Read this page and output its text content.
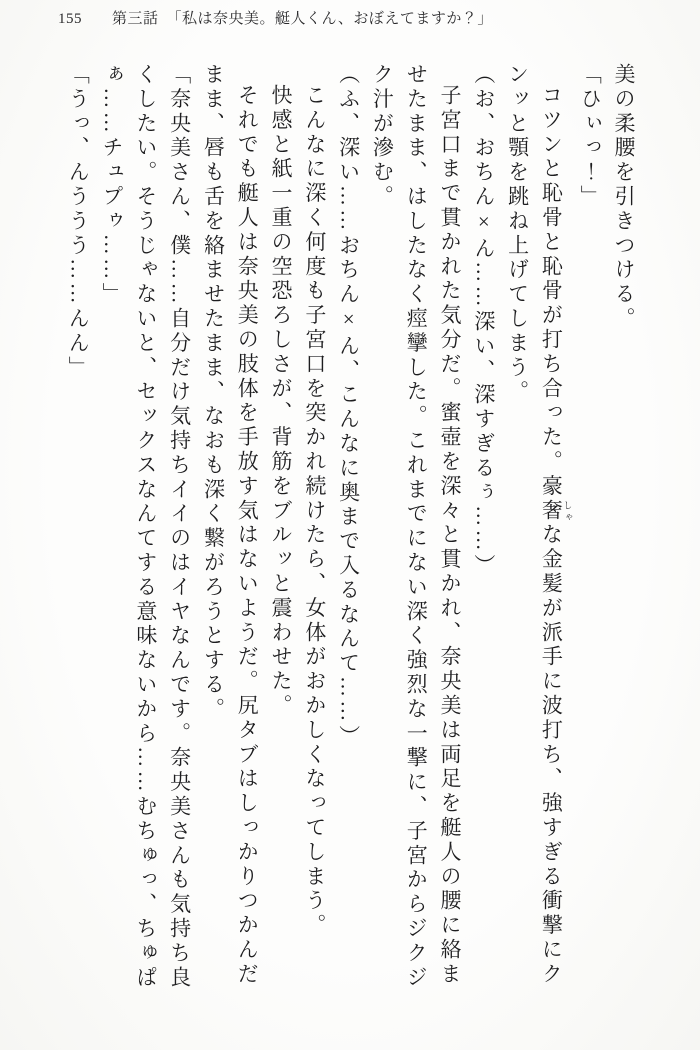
155 第三話　「私は奈央美。艇人くん、おぼえてますか？」

美の柔腰を引きつける。

「ひぃっ！」

コツンと恥骨と恥骨が打ち合った。豪奢 しゃな金髪が派手に波打ち、強すぎる衝撃にクンッと顎を跳ね上げてしまう。

（お、おちん×ん……深い、深すぎるぅ……）

子宮口まで貫かれた気分だ。蜜壺を深々と貫かれ、奈央美は両足を艇人の腰に絡ませたまま、はしたなく痙攣した。これまでにない深く強烈な一撃に、子宮からジクジク汁が滲む。

（ふ、深い……おちん×ん、こんなに奥まで入るなんて……）

こんなに深く何度も子宮口を突かれ続けたら、女体がおかしくなってしまう。

快感と紙一重の空恐ろしさが、背筋をブルッと震わせた。

それでも艇人は奈央美の肢体を手放す気はないようだ。尻タブはしっかりつかんだまま、唇も舌を絡ませたまま、なおも深く繋がろうとする。

「奈央美さん、僕……自分だけ気持ちイイのはイヤなんです。奈央美さんも気持ち良くしたい。そうじゃないと、セックスなんてする意味ないから……むちゅっ、ちゅぱぁ……チュプゥ……」

「うっ、んううう……んん」
